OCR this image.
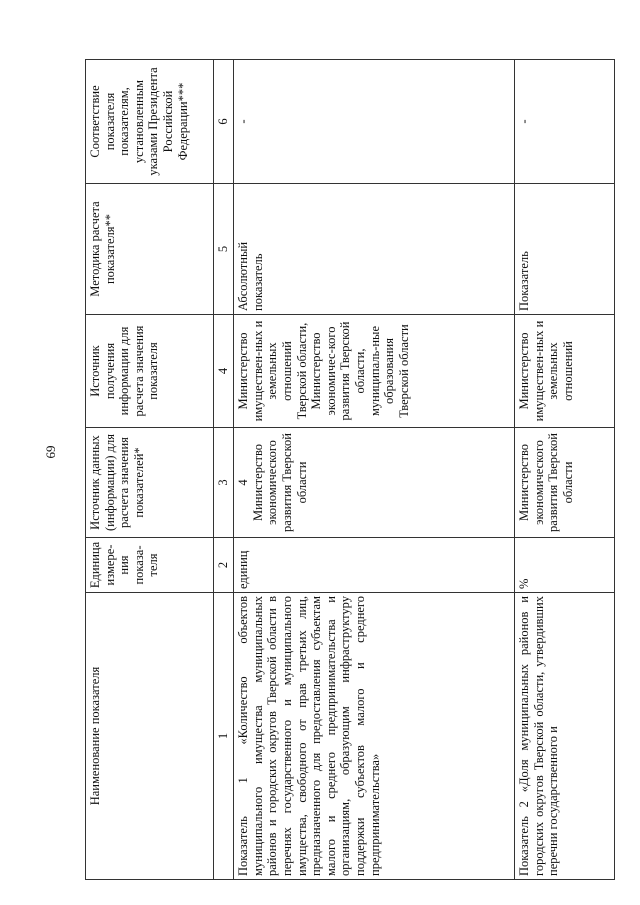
69
Наименование показателя	Единица измере-ния показа-теля	Источник данных (информации) для расчета значения показателей*	Источник получения информации для расчета значения показателя	Методика расчета показателя**	Соответствие показателя показателям, установленным указами Президента Российской Федерации***
1	2	3	4	5	6
Показатель 1 «Количество объектов муниципального имущества муниципальных районов и городских округов Тверской области в перечнях государственного и муниципального имущества, свободного от прав третьих лиц, предназначенного для предоставления субъектам малого и среднего предпринимательства и организациям, образующим инфраструктуру поддержки субъектов малого и среднего предпринимательства»	единиц	4 Министерство экономического развития Тверской области	Министерство имуществен-ных и земельных отношений Тверской области, Министерство экономичес-кого развития Тверской области, муниципаль-ные образования Тверской области	Абсолютный показатель	-
Показатель 2 «Доля муниципальных районов и городских округов Тверской области, утвердивших перечни государственного и	%	Министерство экономического развития Тверской области	Министерство имуществен-ных и земельных отношений	Показатель	-
